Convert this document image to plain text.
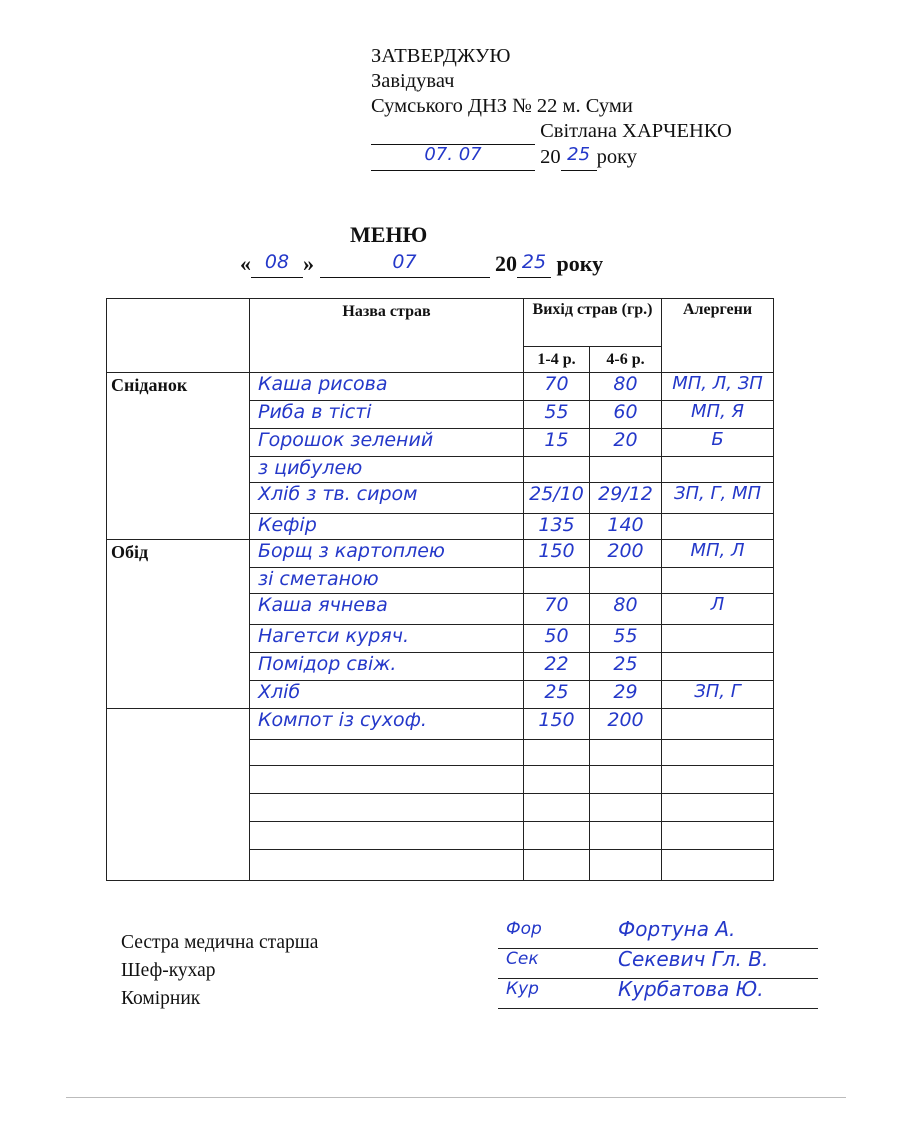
ЗАТВЕРДЖУЮ
Завідувач
Сумського ДНЗ № 22 м. Суми
Світлана ХАРЧЕНКО
07. 07	20 25 року
МЕНЮ
« 08 »	07	20 25 року
	Назва страв	Вихід страв (гр.)		Алергени
		1-4 р.	4-6 р.	
Сніданок	Каша рисова	70	80	МП, Л, ЗП
	Риба в тісті	55	60	МП, Я
	Горошок зелений	15	20	Б
	з цибулею			
	Хліб з тв. сиром	25/10	29/12	ЗП, Г, МП
	Кефір	135	140	
Обід	Борщ з картоплею	150	200	МП, Л
	зі сметаною			
	Каша ячнева	70	80	Л
	Нагетси куряч.	50	55	
	Помідор свіж.	22	25	
	Хліб	25	29	ЗП, Г
	Компот із сухоф.	150	200	

Сестра медична старша
Шеф-кухар
Комірник
Фор	Фортуна А.
Сек	Секевич Гл. В.
Кур	Курбатова Ю.
